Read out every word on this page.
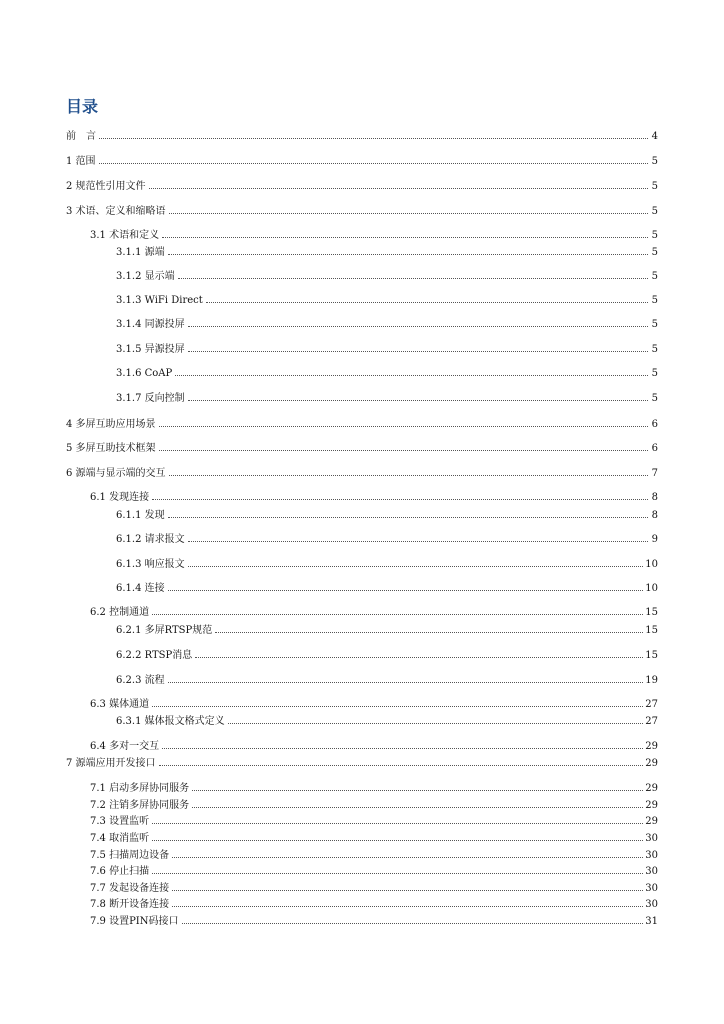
目录
前　言	4
1 范围	5
2 规范性引用文件	5
3 术语、定义和缩略语	5
3.1 术语和定义	5
3.1.1 源端	5
3.1.2 显示端	5
3.1.3 WiFi Direct	5
3.1.4 同源投屏	5
3.1.5 异源投屏	5
3.1.6 CoAP	5
3.1.7 反向控制	5
4 多屏互助应用场景	6
5 多屏互助技术框架	6
6 源端与显示端的交互	7
6.1 发现连接	8
6.1.1 发现	8
6.1.2 请求报文	9
6.1.3 响应报文	10
6.1.4 连接	10
6.2 控制通道	15
6.2.1 多屏RTSP规范	15
6.2.2 RTSP消息	15
6.2.3 流程	19
6.3 媒体通道	27
6.3.1 媒体报文格式定义	27
6.4 多对一交互	29
7 源端应用开发接口	29
7.1 启动多屏协同服务	29
7.2 注销多屏协同服务	29
7.3 设置监听	29
7.4 取消监听	30
7.5 扫描周边设备	30
7.6 停止扫描	30
7.7 发起设备连接	30
7.8 断开设备连接	30
7.9 设置PIN码接口	31
